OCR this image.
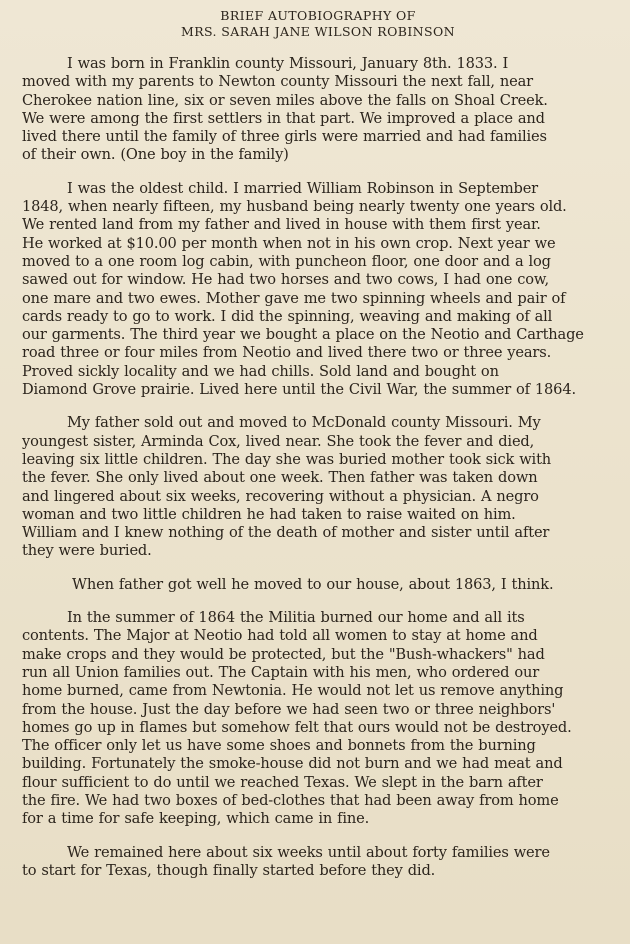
BRIEF AUTOBIOGRAPHY OF
MRS. SARAH JANE WILSON ROBINSON
I was born in Franklin county Missouri, January 8th. 1833. I
moved with my parents to Newton county Missouri the next fall, near
Cherokee nation line, six or seven miles above the falls on Shoal Creek.
We were among the first settlers in that part. We improved a place and
lived there until the family of three girls were married and had families
of their own. (One boy in the family)
I was the oldest child. I married William Robinson in September
1848, when nearly fifteen, my husband being nearly twenty one years old.
We rented land from my father and lived in house with them first year.
He worked at $10.00 per month when not in his own crop. Next year we
moved to a one room log cabin, with puncheon floor, one door and a log
sawed out for window. He had two horses and two cows, I had one cow,
one mare and two ewes. Mother gave me two spinning wheels and pair of
cards ready to go to work. I did the spinning, weaving and making of all
our garments. The third year we bought a place on the Neotio and Carthage
road three or four miles from Neotio and lived there two or three years.
Proved sickly locality and we had chills. Sold land and bought on
Diamond Grove prairie. Lived here until the Civil War, the summer of 1864.
My father sold out and moved to McDonald county Missouri. My
youngest sister, Arminda Cox, lived near. She took the fever and died,
leaving six little children. The day she was buried mother took sick with
the fever. She only lived about one week. Then father was taken down
and lingered about six weeks, recovering without a physician. A negro
woman and two little children he had taken to raise waited on him.
William and I knew nothing of the death of mother and sister until after
they were buried.
When father got well he moved to our house, about 1863, I think.
In the summer of 1864 the Militia burned our home and all its
contents. The Major at Neotio had told all women to stay at home and
make crops and they would be protected, but the "Bush-whackers" had
run all Union families out. The Captain with his men, who ordered our
home burned, came from Newtonia. He would not let us remove anything
from the house. Just the day before we had seen two or three neighbors'
homes go up in flames but somehow felt that ours would not be destroyed.
The officer only let us have some shoes and bonnets from the burning
building. Fortunately the smoke-house did not burn and we had meat and
flour sufficient to do until we reached Texas. We slept in the barn after
the fire. We had two boxes of bed-clothes that had been away from home
for a time for safe keeping, which came in fine.
We remained here about six weeks until about forty families were
to start for Texas, though finally started before they did.
